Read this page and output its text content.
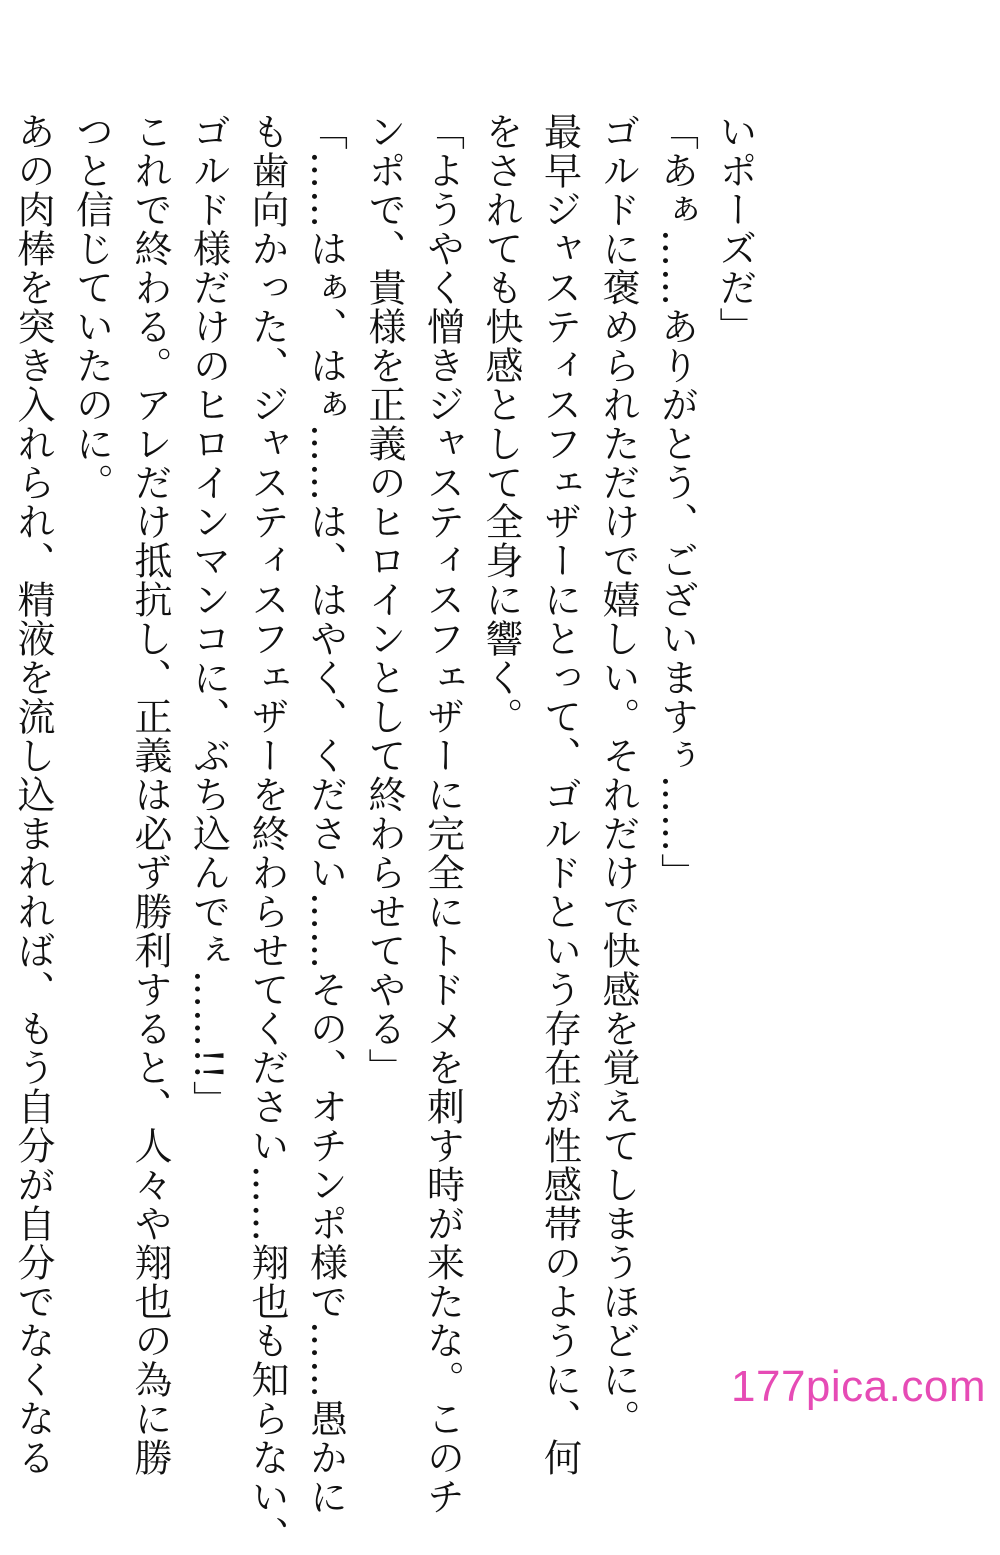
いポーズだ」
「あぁ……ありがとう、ございますぅ……」
ゴルドに褒められただけで嬉しい。それだけで快感を覚えてしまうほどに。
最早ジャスティスフェザーにとって、ゴルドという存在が性感帯のように、何
をされても快感として全身に響く。
「ようやく憎きジャスティスフェザーに完全にトドメを刺す時が来たな。このチ
ンポで、貴様を正義のヒロインとして終わらせてやる」
「……はぁ、はぁ……は、はやく、ください……その、オチンポ様で……愚かに
も歯向かった、ジャスティスフェザーを終わらせてください……翔也も知らない、
ゴルド様だけのヒロインマンコに、ぶち込んでぇ……!!」
これで終わる。アレだけ抵抗し、正義は必ず勝利すると、人々や翔也の為に勝
つと信じていたのに。
あの肉棒を突き入れられ、精液を流し込まれれば、もう自分が自分でなくなる	177pica.com
